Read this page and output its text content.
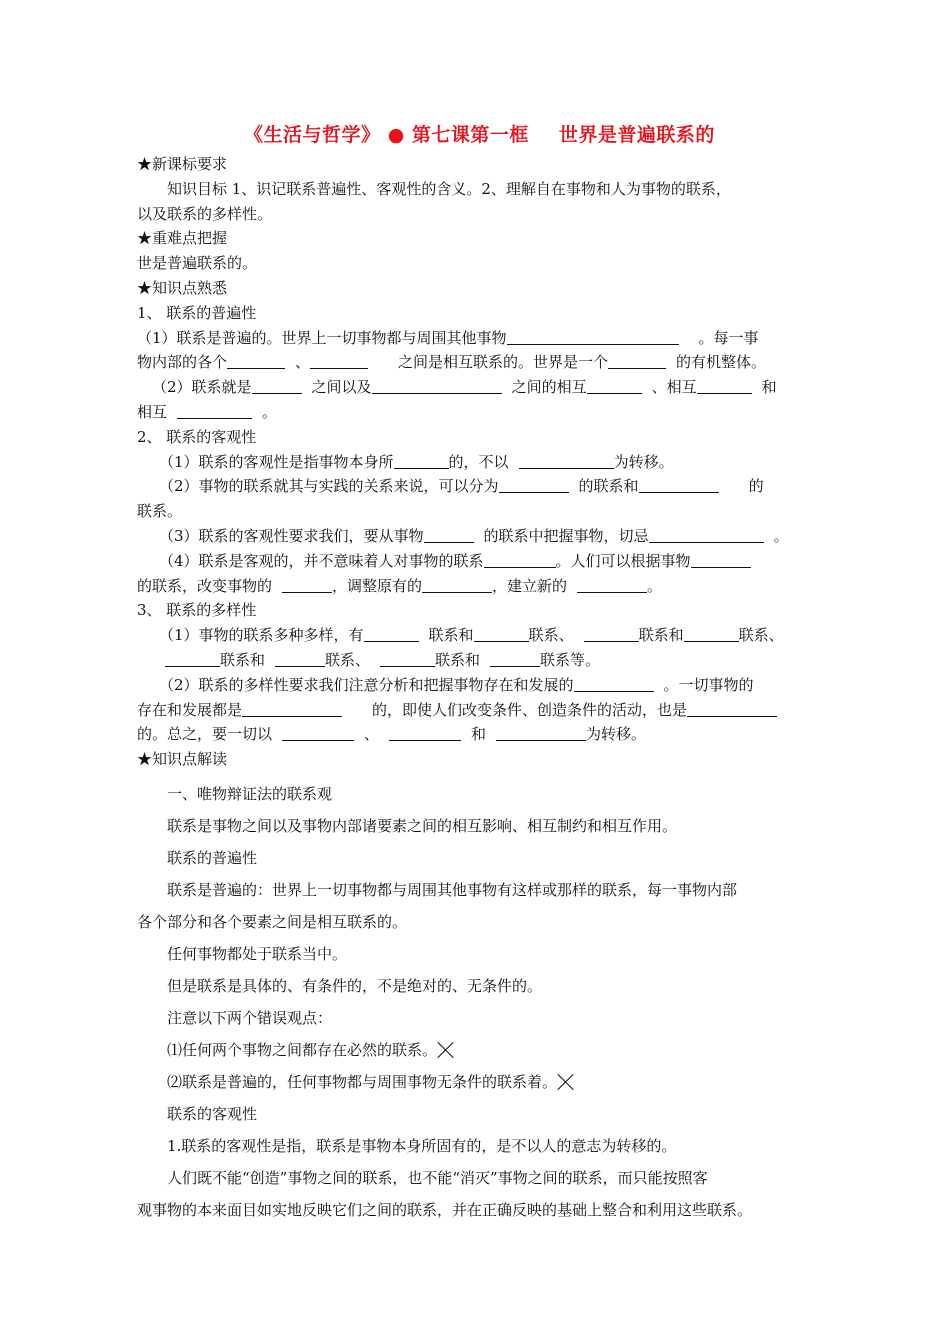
《生活与哲学》 ● 第七课第一框 世界是普遍联系的

★新课标要求

知识目标 1、识记联系普遍性、客观性的含义。2、理解自在事物和人为事物的联系，

以及联系的多样性。

★重难点把握

世是普遍联系的。

★知识点熟悉

1、 联系的普遍性

（1）联系是普遍的。世界上一切事物都与周围其他事物	。每一事

物内部的各个	、	之间是相互联系的。世界是一个	的有机整体。

（2）联系就是	之间以及	之间的相互	、相互	和

相互	。

2、 联系的客观性

（1）联系的客观性是指事物本身所	的，不以	为转移。

（2）事物的联系就其与实践的关系来说，可以分为	的联系和	的

联系。

（3）联系的客观性要求我们，要从事物	的联系中把握事物，切忌	。

（4）联系是客观的，并不意味着人对事物的联系	。人们可以根据事物

的联系，改变事物的	，调整原有的	，建立新的	。

3、 联系的多样性

（1）事物的联系多种多样，有	联系和	联系、	联系和	联系、

联系和	联系、	联系和	联系等。

（2）联系的多样性要求我们注意分析和把握事物存在和发展的	。一切事物的

存在和发展都是	的，即使人们改变条件、创造条件的活动，也是

的。总之，要一切以	、	和	为转移。

★知识点解读

一、唯物辩证法的联系观

联系是事物之间以及事物内部诸要素之间的相互影响、相互制约和相互作用。

联系的普遍性

联系是普遍的：世界上一切事物都与周围其他事物有这样或那样的联系，每一事物内部

各个部分和各个要素之间是相互联系的。

任何事物都处于联系当中。

但是联系是具体的、有条件的，不是绝对的、无条件的。

注意以下两个错误观点：

⑴任何两个事物之间都存在必然的联系。

⑵联系是普遍的，任何事物都与周围事物无条件的联系着。

联系的客观性

1.联系的客观性是指，联系是事物本身所固有的，是不以人的意志为转移的。

人们既不能“创造”事物之间的联系，也不能“消灭”事物之间的联系，而只能按照客

观事物的本来面目如实地反映它们之间的联系，并在正确反映的基础上整合和利用这些联系。
